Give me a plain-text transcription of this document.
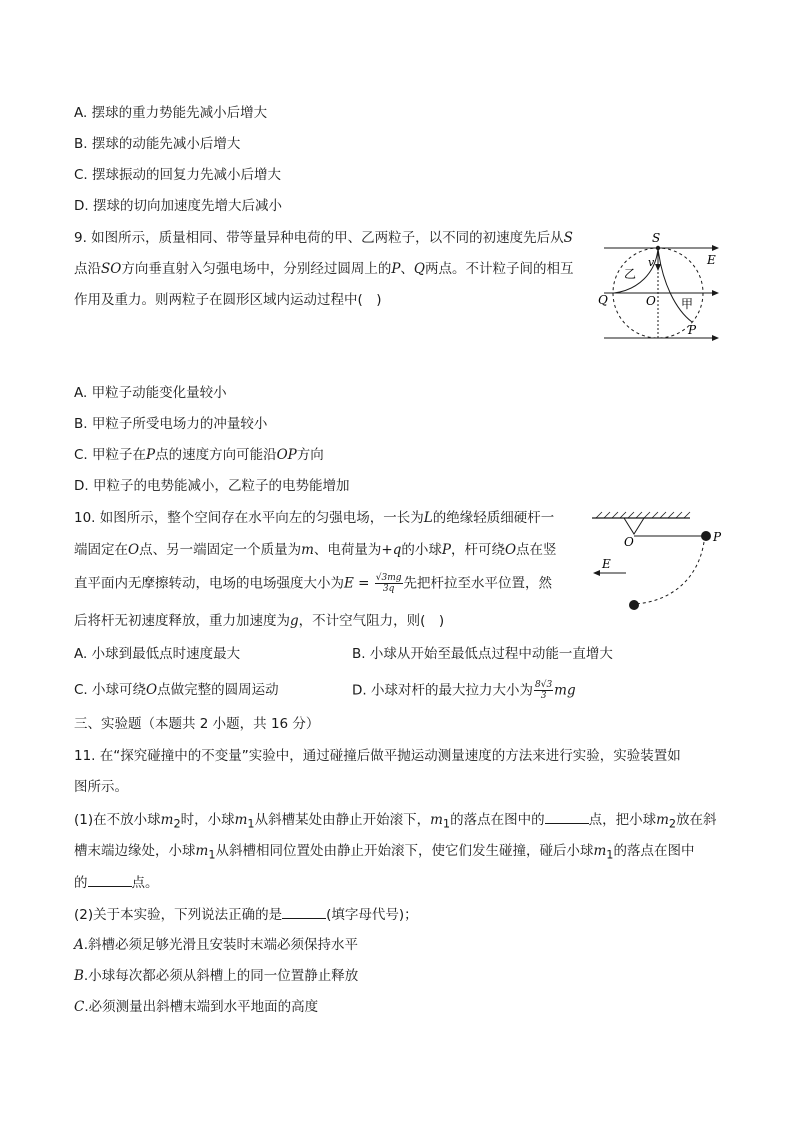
A. 摆球的重力势能先减小后增大
B. 摆球的动能先减小后增大
C. 摆球振动的回复力先减小后增大
D. 摆球的切向加速度先增大后减小
9. 如图所示，质量相同、带等量异种电荷的甲、乙两粒子，以不同的初速度先后从S
点沿SO方向垂直射入匀强电场中，分别经过圆周上的P、Q两点。不计粒子间的相互
作用及重力。则两粒子在圆形区域内运动过程中(　)
S
E
乙
v
Q	O 甲
P
A. 甲粒子动能变化量较小
B. 甲粒子所受电场力的冲量较小
C. 甲粒子在P点的速度方向可能沿OP方向
D. 甲粒子的电势能减小，乙粒子的电势能增加
10. 如图所示，整个空间存在水平向左的匀强电场，一长为L的绝缘轻质细硬杆一
端固定在O点、另一端固定一个质量为m、电荷量为+q的小球P，杆可绕O点在竖
直平面内无摩擦转动，电场的电场强度大小为$E = \frac{√3mg}{3q}$ 先把杆拉至水平位置，然
后将杆无初速度释放，重力加速度为g，不计空气阻力，则(　)
O	P
E
A. 小球到最低点时速度最大	B. 小球从开始至最低点过程中动能一直增大
C. 小球可绕O点做完整的圆周运动	D. 小球对杆的最大拉力大小为 $\frac{8√3}{3}$ mg
三、实验题（本题共 2 小题，共 16 分）
11. 在“探究碰撞中的不变量”实验中，通过碰撞后做平抛运动测量速度的方法来进行实验，实验装置如
图所示。
(1)在不放小球$m_2$时，小球$m_1$从斜槽某处由静止开始滚下，$m_1$的落点在图中的	点，把小球$m_2$放在斜
槽末端边缘处，小球$m_1$从斜槽相同位置处由静止开始滚下，使它们发生碰撞，碰后小球$m_1$的落点在图中
的	点。
(2)关于本实验，下列说法正确的是	(填字母代号)；
A.斜槽必须足够光滑且安装时末端必须保持水平
B.小球每次都必须从斜槽上的同一位置静止释放
C.必须测量出斜槽末端到水平地面的高度
